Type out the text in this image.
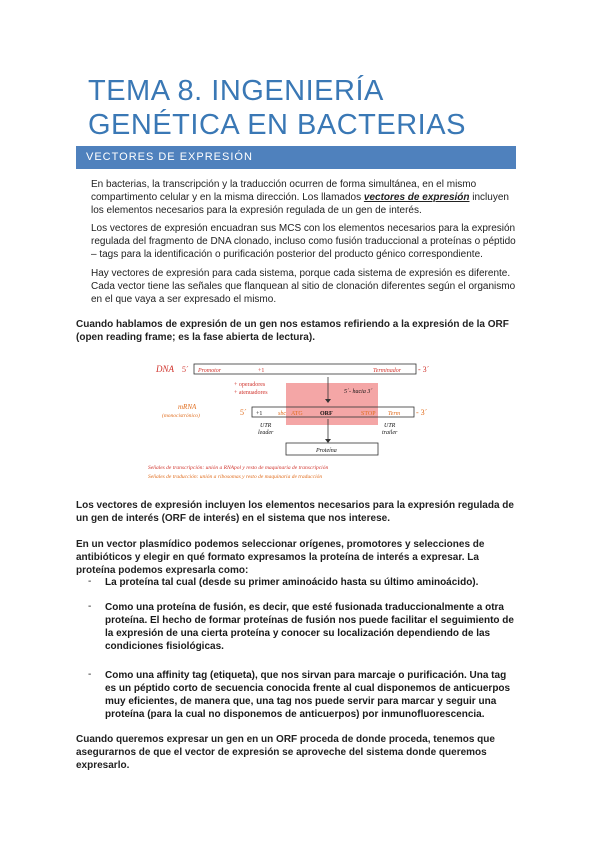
TEMA 8. INGENIERÍA GENÉTICA EN BACTERIAS
VECTORES DE EXPRESIÓN
En bacterias, la transcripción y la traducción ocurren de forma simultánea, en el mismo compartimento celular y en la misma dirección. Los llamados vectores de expresión incluyen los elementos necesarios para la expresión regulada de un gen de interés.
Los vectores de expresión encuadran sus MCS con los elementos necesarios para la expresión regulada del fragmento de DNA clonado, incluso como fusión traduccional a proteínas o péptido – tags para la identificación o purificación posterior del producto génico correspondiente.
Hay vectores de expresión para cada sistema, porque cada sistema de expresión es diferente. Cada vector tiene las señales que flanquean al sitio de clonación diferentes según el organismo en el que vaya a ser expresado el mismo.
Cuando hablamos de expresión de un gen nos estamos refiriendo a la expresión de la ORF (open reading frame; es la fase abierta de lectura).
DNA 5´ Promotor	+1	Terminador - 3´
+ operadores
+ atenuadores	5´- hacia 3´
mRNA
(monocistrónico)	5´ +1	sbc ATG	ORF	STOP Term - 3´
UTR
leader
UTR
trailer
Proteína
Señales de transcripción: unión a RNApol y resto de maquinaria de transcripción
Señales de traducción: unión a ribosomas y resto de maquinaria de traducción
Los vectores de expresión incluyen los elementos necesarios para la expresión regulada de un gen de interés (ORF de interés) en el sistema que nos interese.
En un vector plasmídico podemos seleccionar orígenes, promotores y selecciones de antibióticos y elegir en qué formato expresamos la proteína de interés a expresar. La proteína podemos expresarla como:
- La proteína tal cual (desde su primer aminoácido hasta su último aminoácido).
- Como una proteína de fusión, es decir, que esté fusionada traduccionalmente a otra proteína. El hecho de formar proteínas de fusión nos puede facilitar el seguimiento de la expresión de una cierta proteína y conocer su localización dependiendo de las condiciones fisiológicas.
- Como una affinity tag (etiqueta), que nos sirvan para marcaje o purificación. Una tag es un péptido corto de secuencia conocida frente al cual disponemos de anticuerpos muy eficientes, de manera que, una tag nos puede servir para marcar y seguir una proteína (para la cual no disponemos de anticuerpos) por inmunofluorescencia.
Cuando queremos expresar un gen en un ORF proceda de donde proceda, tenemos que asegurarnos de que el vector de expresión se aproveche del sistema donde queremos expresarlo.
